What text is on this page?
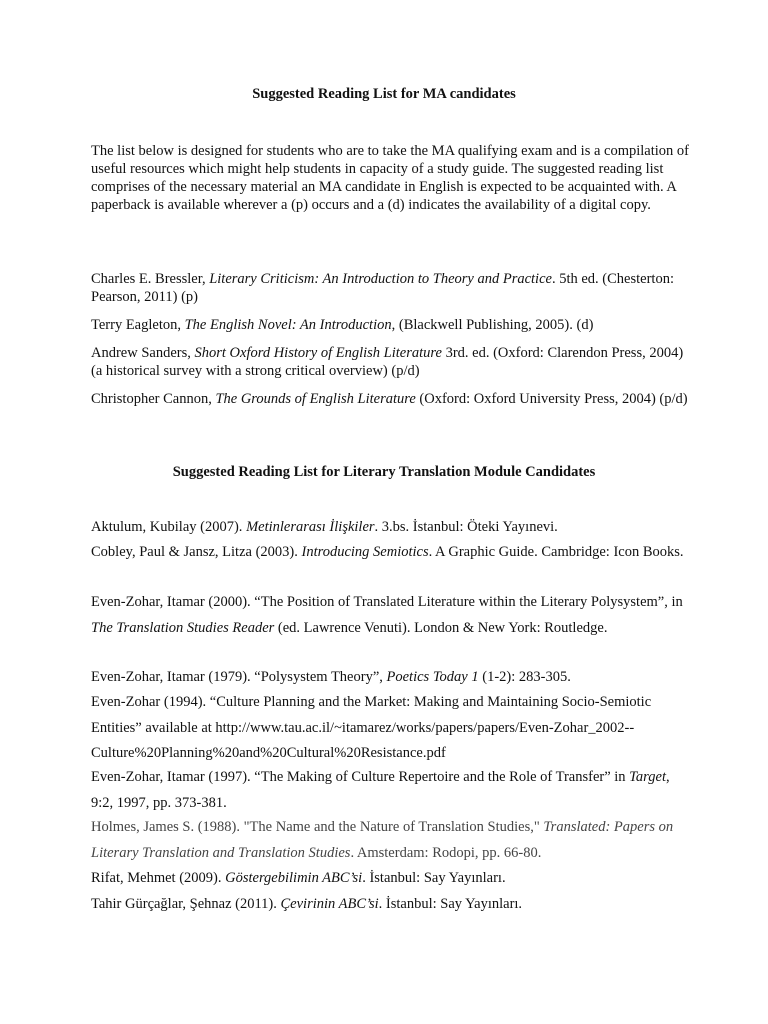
Suggested Reading List for MA candidates
The list below is designed for students who are to take the MA qualifying exam and is a compilation of useful resources which might help students in capacity of a study guide. The suggested reading list comprises of the necessary material an MA candidate in English is expected to be acquainted with. A paperback is available wherever a (p) occurs and a (d) indicates the availability of a digital copy.
Charles E. Bressler, Literary Criticism: An Introduction to Theory and Practice. 5th ed. (Chesterton: Pearson, 2011) (p)
Terry Eagleton, The English Novel: An Introduction, (Blackwell Publishing, 2005). (d)
Andrew Sanders, Short Oxford History of English Literature 3rd. ed. (Oxford: Clarendon Press, 2004) (a historical survey with a strong critical overview) (p/d)
Christopher Cannon, The Grounds of English Literature (Oxford: Oxford University Press, 2004) (p/d)
Suggested Reading List for Literary Translation Module Candidates
Aktulum, Kubilay (2007). Metinlerarası İlişkiler. 3.bs. İstanbul: Öteki Yayınevi.
Cobley, Paul & Jansz, Litza (2003). Introducing Semiotics. A Graphic Guide. Cambridge: Icon Books.
Even-Zohar, Itamar (2000). “The Position of Translated Literature within the Literary Polysystem”, in The Translation Studies Reader (ed. Lawrence Venuti). London & New York: Routledge.
Even-Zohar, Itamar (1979). “Polysystem Theory”, Poetics Today 1 (1-2): 283-305.
Even-Zohar (1994). “Culture Planning and the Market: Making and Maintaining Socio-Semiotic Entities” available at http://www.tau.ac.il/~itamarez/works/papers/papers/Even-Zohar_2002-- Culture%20Planning%20and%20Cultural%20Resistance.pdf
Even-Zohar, Itamar (1997). “The Making of Culture Repertoire and the Role of Transfer” in Target, 9:2, 1997, pp. 373-381.
Holmes, James S. (1988). "The Name and the Nature of Translation Studies," Translated: Papers on Literary Translation and Translation Studies. Amsterdam: Rodopi, pp. 66-80.
Rifat, Mehmet (2009). Göstergebilimin ABC’si. İstanbul: Say Yayınları.
Tahir Gürçağlar, Şehnaz (2011). Çevirinin ABC’si. İstanbul: Say Yayınları.
